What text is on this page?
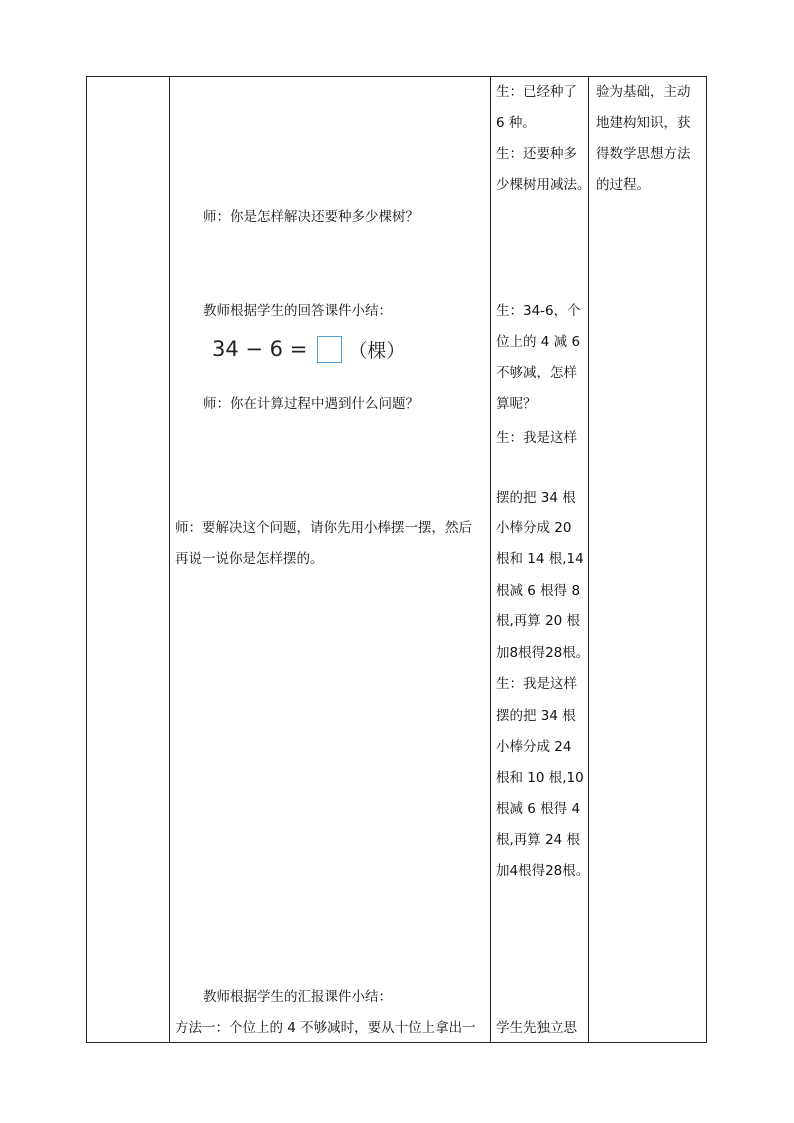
师：你是怎样解决还要种多少棵树？
教师根据学生的回答课件小结：
34 − 6 = （棵）
师：你在计算过程中遇到什么问题？
师：要解决这个问题，请你先用小棒摆一摆，然后
再说一说你是怎样摆的。
教师根据学生的汇报课件小结：
方法一：个位上的 4 不够减时，要从十位上拿出一
生：已经种了
6 种。
生：还要种多
少棵树用减法。
生：34-6，个
位上的 4 减 6
不够减，怎样
算呢？
生：我是这样
摆的把 34 根
小棒分成 20
根和 14 根,14
根减 6 根得 8
根,再算 20 根
加8根得28根。
生：我是这样
摆的把 34 根
小棒分成 24
根和 10 根,10
根减 6 根得 4
根,再算 24 根
加4根得28根。
学生先独立思
验为基础，主动
地建构知识，获
得数学思想方法
的过程。
